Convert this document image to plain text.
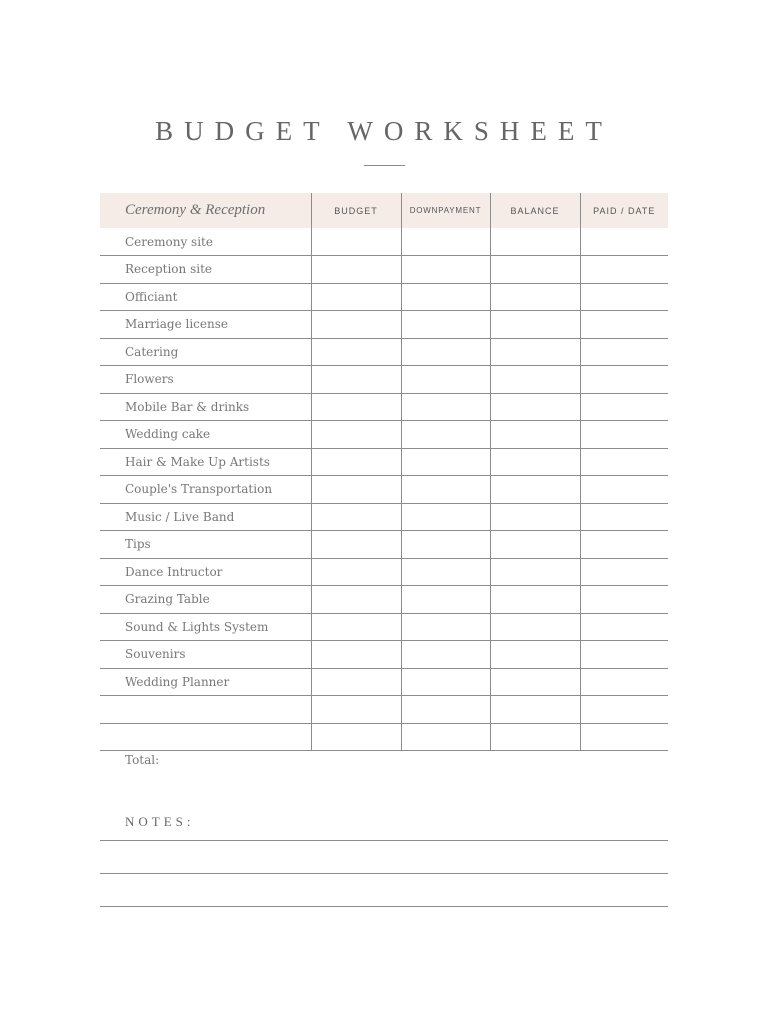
BUDGET WORKSHEET
Ceremony & Reception	BUDGET	DOWNPAYMENT	BALANCE	PAID / DATE
Ceremony site				
Reception site				
Officiant				
Marriage license				
Catering				
Flowers				
Mobile Bar & drinks				
Wedding cake				
Hair & Make Up Artists				
Couple's Transportation				
Music / Live Band				
Tips				
Dance Intructor				
Grazing Table				
Sound & Lights System				
Souvenirs				
Wedding Planner				

Total:
NOTES:
